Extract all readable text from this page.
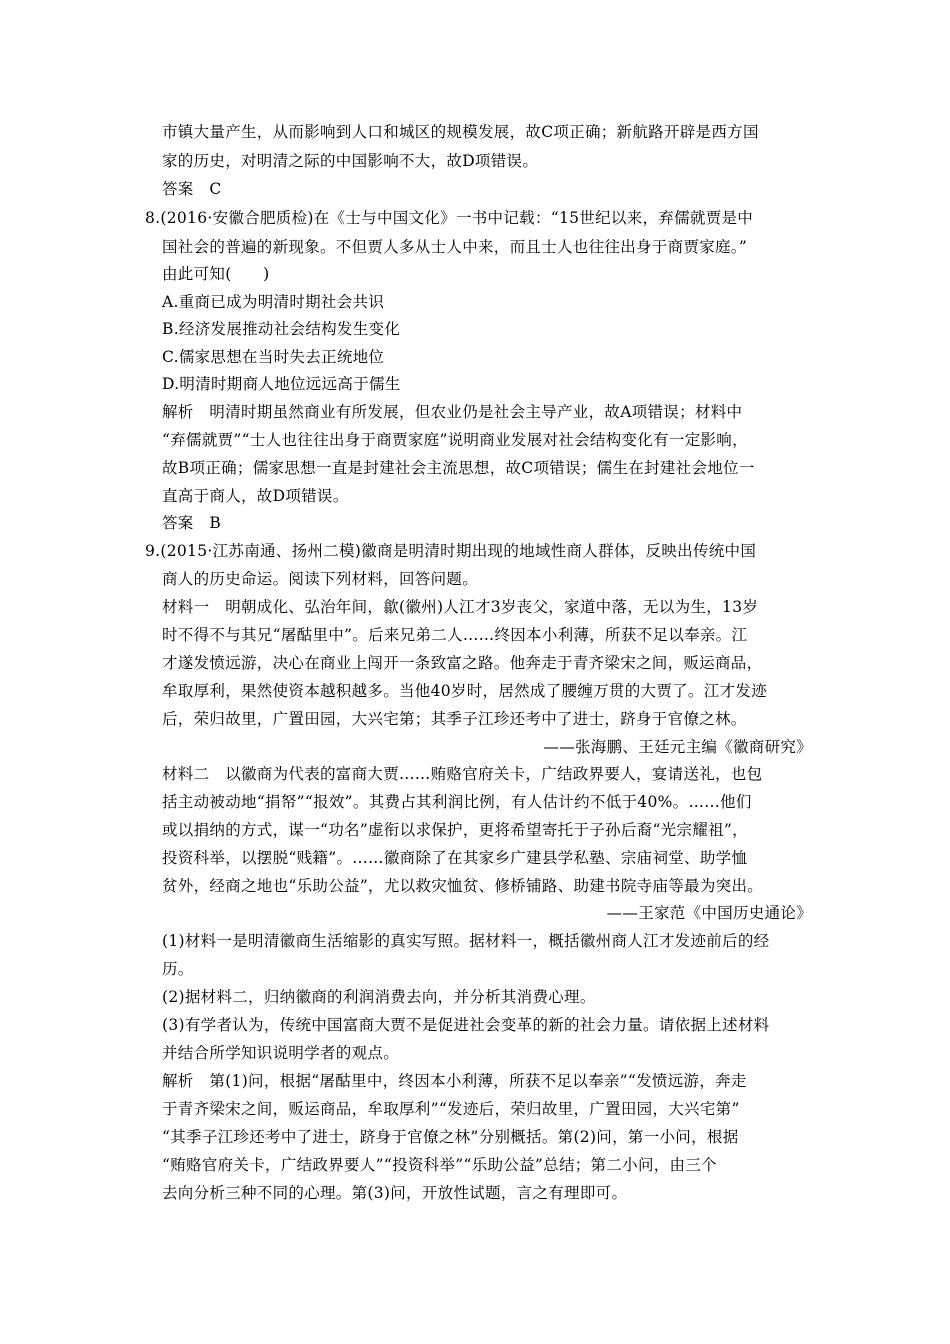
市镇大量产生，从而影响到人口和城区的规模发展，故C项正确；新航路开辟是西方国
家的历史，对明清之际的中国影响不大，故D项错误。
答案　C
8.(2016·安徽合肥质检)在《士与中国文化》一书中记载：“15世纪以来，弃儒就贾是中
国社会的普遍的新现象。不但贾人多从士人中来，而且士人也往往出身于商贾家庭。”
由此可知(　　)
A.重商已成为明清时期社会共识
B.经济发展推动社会结构发生变化
C.儒家思想在当时失去正统地位
D.明清时期商人地位远远高于儒生
解析　明清时期虽然商业有所发展，但农业仍是社会主导产业，故A项错误；材料中
“弃儒就贾”“士人也往往出身于商贾家庭”说明商业发展对社会结构变化有一定影响，
故B项正确；儒家思想一直是封建社会主流思想，故C项错误；儒生在封建社会地位一
直高于商人，故D项错误。
答案　B
9.(2015·江苏南通、扬州二模)徽商是明清时期出现的地域性商人群体，反映出传统中国
商人的历史命运。阅读下列材料，回答问题。
材料一　明朝成化、弘治年间，歙(徽州)人江才3岁丧父，家道中落，无以为生，13岁
时不得不与其兄“屠酤里中”。后来兄弟二人……终因本小利薄，所获不足以奉亲。江
才遂发愤远游，决心在商业上闯开一条致富之路。他奔走于青齐梁宋之间，贩运商品，
牟取厚利，果然使资本越积越多。当他40岁时，居然成了腰缠万贯的大贾了。江才发迹
后，荣归故里，广置田园，大兴宅第；其季子江珍还考中了进士，跻身于官僚之林。
——张海鹏、王廷元主编《徽商研究》
材料二　以徽商为代表的富商大贾……贿赂官府关卡，广结政界要人，宴请送礼，也包
括主动被动地“捐帑”“报效”。其费占其利润比例，有人估计约不低于40%。……他们
或以捐纳的方式，谋一“功名”虚衔以求保护，更将希望寄托于子孙后裔“光宗耀祖”，
投资科举，以摆脱“贱籍”。……徽商除了在其家乡广建县学私塾、宗庙祠堂、助学恤
贫外，经商之地也“乐助公益”，尤以救灾恤贫、修桥铺路、助建书院寺庙等最为突出。
——王家范《中国历史通论》
(1)材料一是明清徽商生活缩影的真实写照。据材料一，概括徽州商人江才发迹前后的经
历。
(2)据材料二，归纳徽商的利润消费去向，并分析其消费心理。
(3)有学者认为，传统中国富商大贾不是促进社会变革的新的社会力量。请依据上述材料
并结合所学知识说明学者的观点。
解析　第(1)问，根据“屠酤里中，终因本小利薄，所获不足以奉亲”“发愤远游，奔走
于青齐梁宋之间，贩运商品，牟取厚利”“发迹后，荣归故里，广置田园，大兴宅第”
“其季子江珍还考中了进士，跻身于官僚之林”分别概括。第(2)问，第一小问，根据
“贿赂官府关卡，广结政界要人”“投资科举”“乐助公益”总结；第二小问，由三个
去向分析三种不同的心理。第(3)问，开放性试题，言之有理即可。
